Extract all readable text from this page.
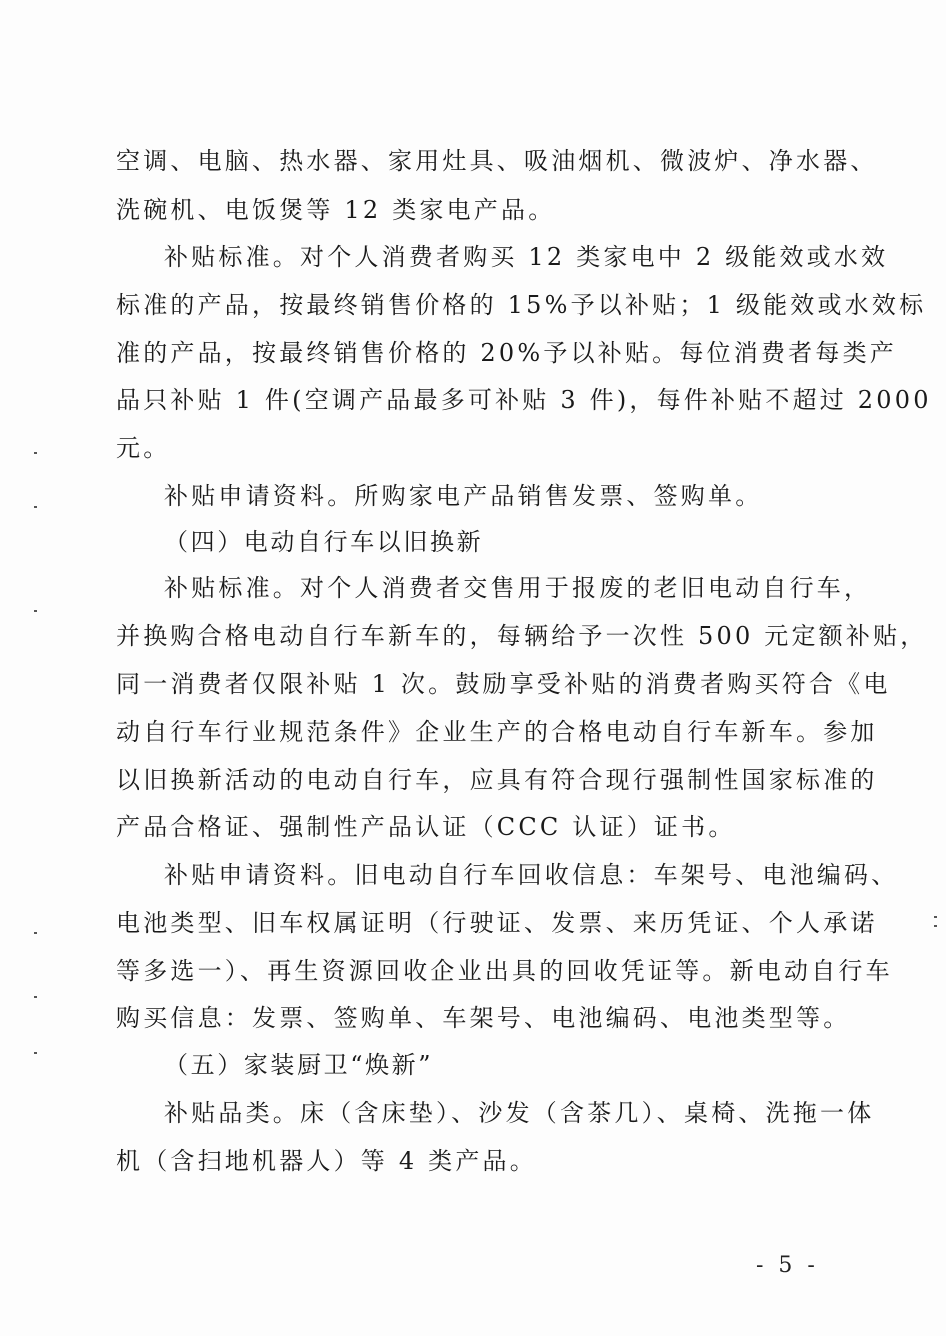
空调、电脑、热水器、家用灶具、吸油烟机、微波炉、净水器、
洗碗机、电饭煲等 12 类家电产品。
补贴标准。对个人消费者购买 12 类家电中 2 级能效或水效
标准的产品，按最终销售价格的 15%予以补贴；1 级能效或水效标
准的产品，按最终销售价格的 20%予以补贴。每位消费者每类产
品只补贴 1 件(空调产品最多可补贴 3 件)，每件补贴不超过 2000
元。
补贴申请资料。所购家电产品销售发票、签购单。
（四）电动自行车以旧换新
补贴标准。对个人消费者交售用于报废的老旧电动自行车，
并换购合格电动自行车新车的，每辆给予一次性 500 元定额补贴，
同一消费者仅限补贴 1 次。鼓励享受补贴的消费者购买符合《电
动自行车行业规范条件》企业生产的合格电动自行车新车。参加
以旧换新活动的电动自行车，应具有符合现行强制性国家标准的
产品合格证、强制性产品认证（CCC 认证）证书。
补贴申请资料。旧电动自行车回收信息：车架号、电池编码、
电池类型、旧车权属证明（行驶证、发票、来历凭证、个人承诺
等多选一）、再生资源回收企业出具的回收凭证等。新电动自行车
购买信息：发票、签购单、车架号、电池编码、电池类型等。
（五）家装厨卫“焕新”
补贴品类。床（含床垫）、沙发（含茶几）、桌椅、洗拖一体
机（含扫地机器人）等 4 类产品。
- 5 -
